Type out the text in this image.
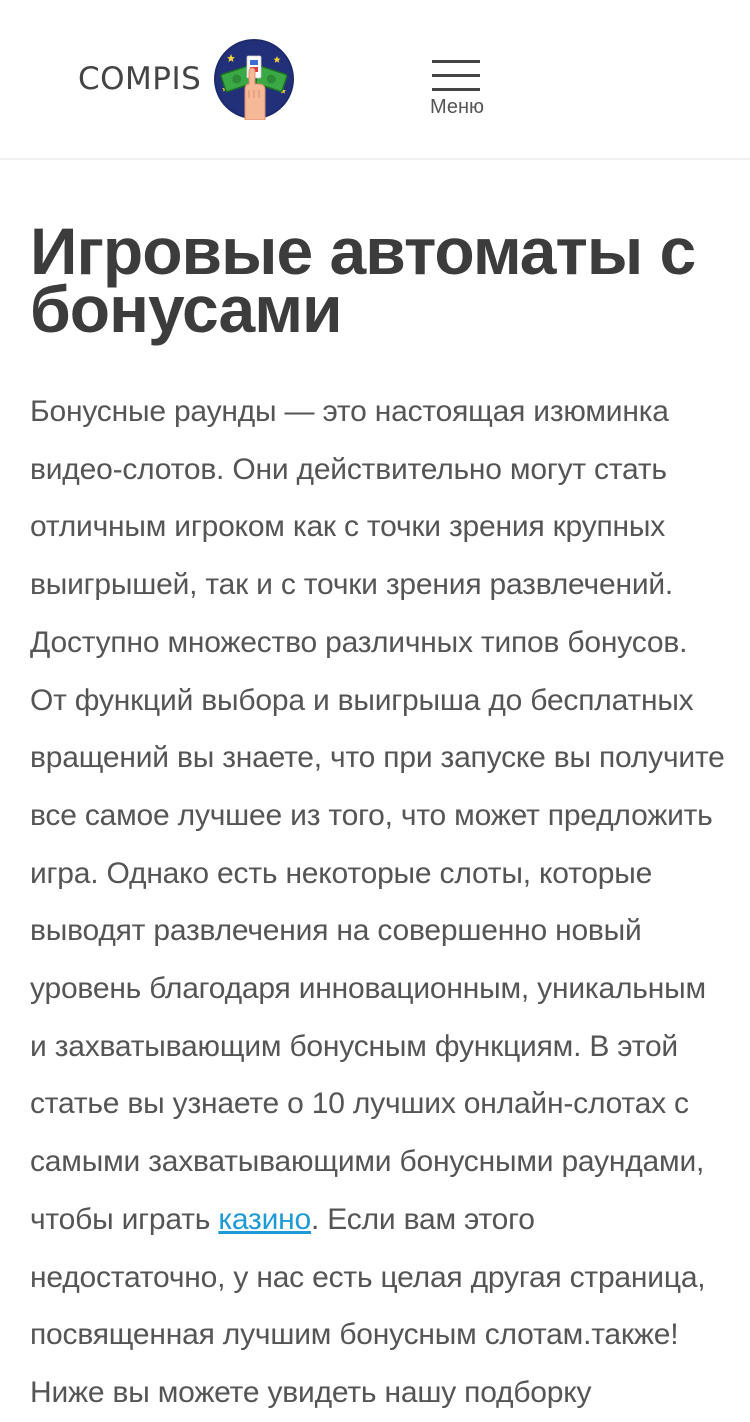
COMPIS
Меню
Игровые автоматы с бонусами

Бонусные раунды — это настоящая изюминка видео-слотов. Они действительно могут стать отличным игроком как с точки зрения крупных выигрышей, так и с точки зрения развлечений. Доступно множество различных типов бонусов. От функций выбора и выигрыша до бесплатных вращений вы знаете, что при запуске вы получите все самое лучшее из того, что может предложить игра. Однако есть некоторые слоты, которые выводят развлечения на совершенно новый уровень благодаря инновационным, уникальным и захватывающим бонусным функциям. В этой статье вы узнаете о 10 лучших онлайн-слотах с самыми захватывающими бонусными раундами, чтобы играть казино. Если вам этого недостаточно, у нас есть целая другая страница, посвященная лучшим бонусным слотам.также! Ниже вы можете увидеть нашу подборку
